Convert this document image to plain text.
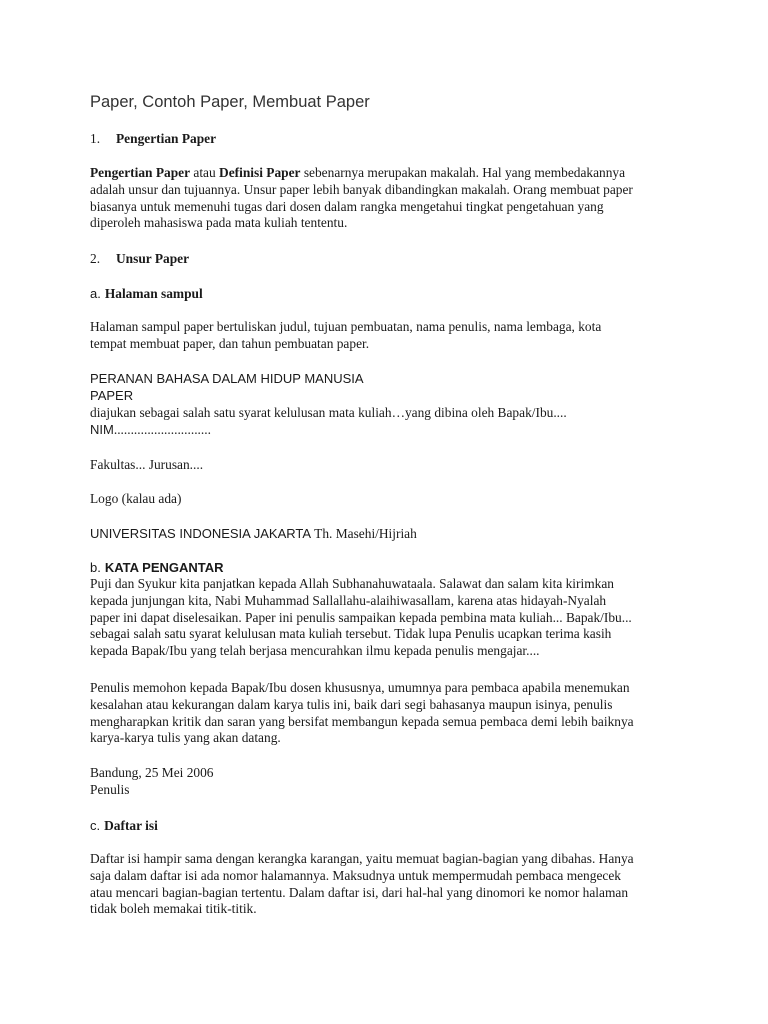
Paper, Contoh Paper, Membuat Paper
1. Pengertian Paper
Pengertian Paper atau Definisi Paper sebenarnya merupakan makalah. Hal yang membedakannya
adalah unsur dan tujuannya. Unsur paper lebih banyak dibandingkan makalah. Orang membuat paper
biasanya untuk memenuhi tugas dari dosen dalam rangka mengetahui tingkat pengetahuan yang
diperoleh mahasiswa pada mata kuliah tententu.
2. Unsur Paper
a. Halaman sampul
Halaman sampul paper bertuliskan judul, tujuan pembuatan, nama penulis, nama lembaga, kota
tempat membuat paper, dan tahun pembuatan paper.
PERANAN BAHASA DALAM HIDUP MANUSIA
PAPER
diajukan sebagai salah satu syarat kelulusan mata kuliah…yang dibina oleh Bapak/Ibu....
NIM.............................
Fakultas... Jurusan....
Logo (kalau ada)
UNIVERSITAS INDONESIA JAKARTA Th. Masehi/Hijriah
b. KATA PENGANTAR
Puji dan Syukur kita panjatkan kepada Allah Subhanahuwataala. Salawat dan salam kita kirimkan
kepada junjungan kita, Nabi Muhammad Sallallahu-alaihiwasallam, karena atas hidayah-Nyalah
paper ini dapat diselesaikan. Paper ini penulis sampaikan kepada pembina mata kuliah... Bapak/Ibu...
sebagai salah satu syarat kelulusan mata kuliah tersebut. Tidak lupa Penulis ucapkan terima kasih
kepada Bapak/Ibu yang telah berjasa mencurahkan ilmu kepada penulis mengajar....
Penulis memohon kepada Bapak/Ibu dosen khususnya, umumnya para pembaca apabila menemukan
kesalahan atau kekurangan dalam karya tulis ini, baik dari segi bahasanya maupun isinya, penulis
mengharapkan kritik dan saran yang bersifat membangun kepada semua pembaca demi lebih baiknya
karya-karya tulis yang akan datang.
Bandung, 25 Mei 2006
Penulis
c. Daftar isi
Daftar isi hampir sama dengan kerangka karangan, yaitu memuat bagian-bagian yang dibahas. Hanya
saja dalam daftar isi ada nomor halamannya. Maksudnya untuk mempermudah pembaca mengecek
atau mencari bagian-bagian tertentu. Dalam daftar isi, dari hal-hal yang dinomori ke nomor halaman
tidak boleh memakai titik-titik.
